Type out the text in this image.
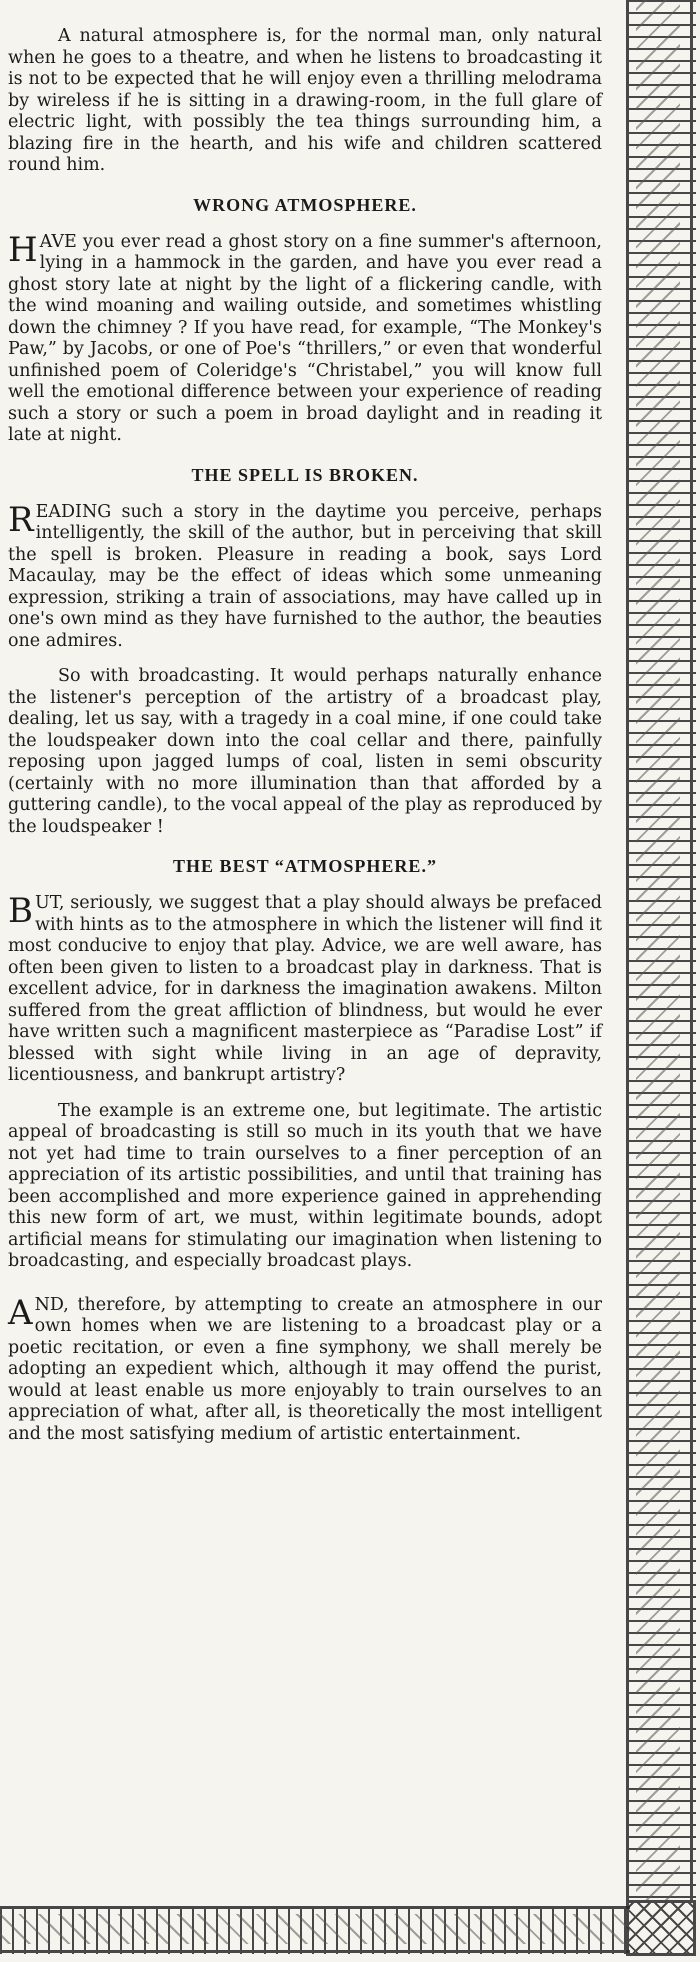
A natural atmosphere is, for the normal man, only natural when he goes to a theatre, and when he listens to broadcasting it is not to be expected that he will enjoy even a thrilling melodrama by wireless if he is sitting in a drawing-room, in the full glare of electric light, with possibly the tea things surrounding him, a blazing fire in the hearth, and his wife and children scattered round him.

WRONG ATMOSPHERE.

HAVE you ever read a ghost story on a fine summer's afternoon, lying in a hammock in the garden, and have you ever read a ghost story late at night by the light of a flickering candle, with the wind moaning and wailing outside, and sometimes whistling down the chimney ? If you have read, for example, “The Monkey's Paw,” by Jacobs, or one of Poe's “thrillers,” or even that wonderful unfinished poem of Coleridge's “Christabel,” you will know full well the emotional difference between your experience of reading such a story or such a poem in broad daylight and in reading it late at night.

THE SPELL IS BROKEN.

READING such a story in the daytime you perceive, perhaps intelligently, the skill of the author, but in perceiving that skill the spell is broken. Pleasure in reading a book, says Lord Macaulay, may be the effect of ideas which some unmeaning expression, striking a train of associations, may have called up in one's own mind as they have furnished to the author, the beauties one admires.

So with broadcasting. It would perhaps naturally enhance the listener's perception of the artistry of a broadcast play, dealing, let us say, with a tragedy in a coal mine, if one could take the loudspeaker down into the coal cellar and there, painfully reposing upon jagged lumps of coal, listen in semi obscurity (certainly with no more illumination than that afforded by a guttering candle), to the vocal appeal of the play as reproduced by the loudspeaker !

THE BEST “ATMOSPHERE.”

BUT, seriously, we suggest that a play should always be prefaced with hints as to the atmosphere in which the listener will find it most conducive to enjoy that play. Advice, we are well aware, has often been given to listen to a broadcast play in darkness. That is excellent advice, for in darkness the imagination awakens. Milton suffered from the great affliction of blindness, but would he ever have written such a magnificent masterpiece as “Paradise Lost” if blessed with sight while living in an age of depravity, licentiousness, and bankrupt artistry?

The example is an extreme one, but legitimate. The artistic appeal of broadcasting is still so much in its youth that we have not yet had time to train ourselves to a finer perception of an appreciation of its artistic possibilities, and until that training has been accomplished and more experience gained in apprehending this new form of art, we must, within legitimate bounds, adopt artificial means for stimulating our imagination when listening to broadcasting, and especially broadcast plays.

AND, therefore, by attempting to create an atmosphere in our own homes when we are listening to a broadcast play or a poetic recitation, or even a fine symphony, we shall merely be adopting an expedient which, although it may offend the purist, would at least enable us more enjoyably to train ourselves to an appreciation of what, after all, is theoretically the most intelligent and the most satisfying medium of artistic entertainment.
